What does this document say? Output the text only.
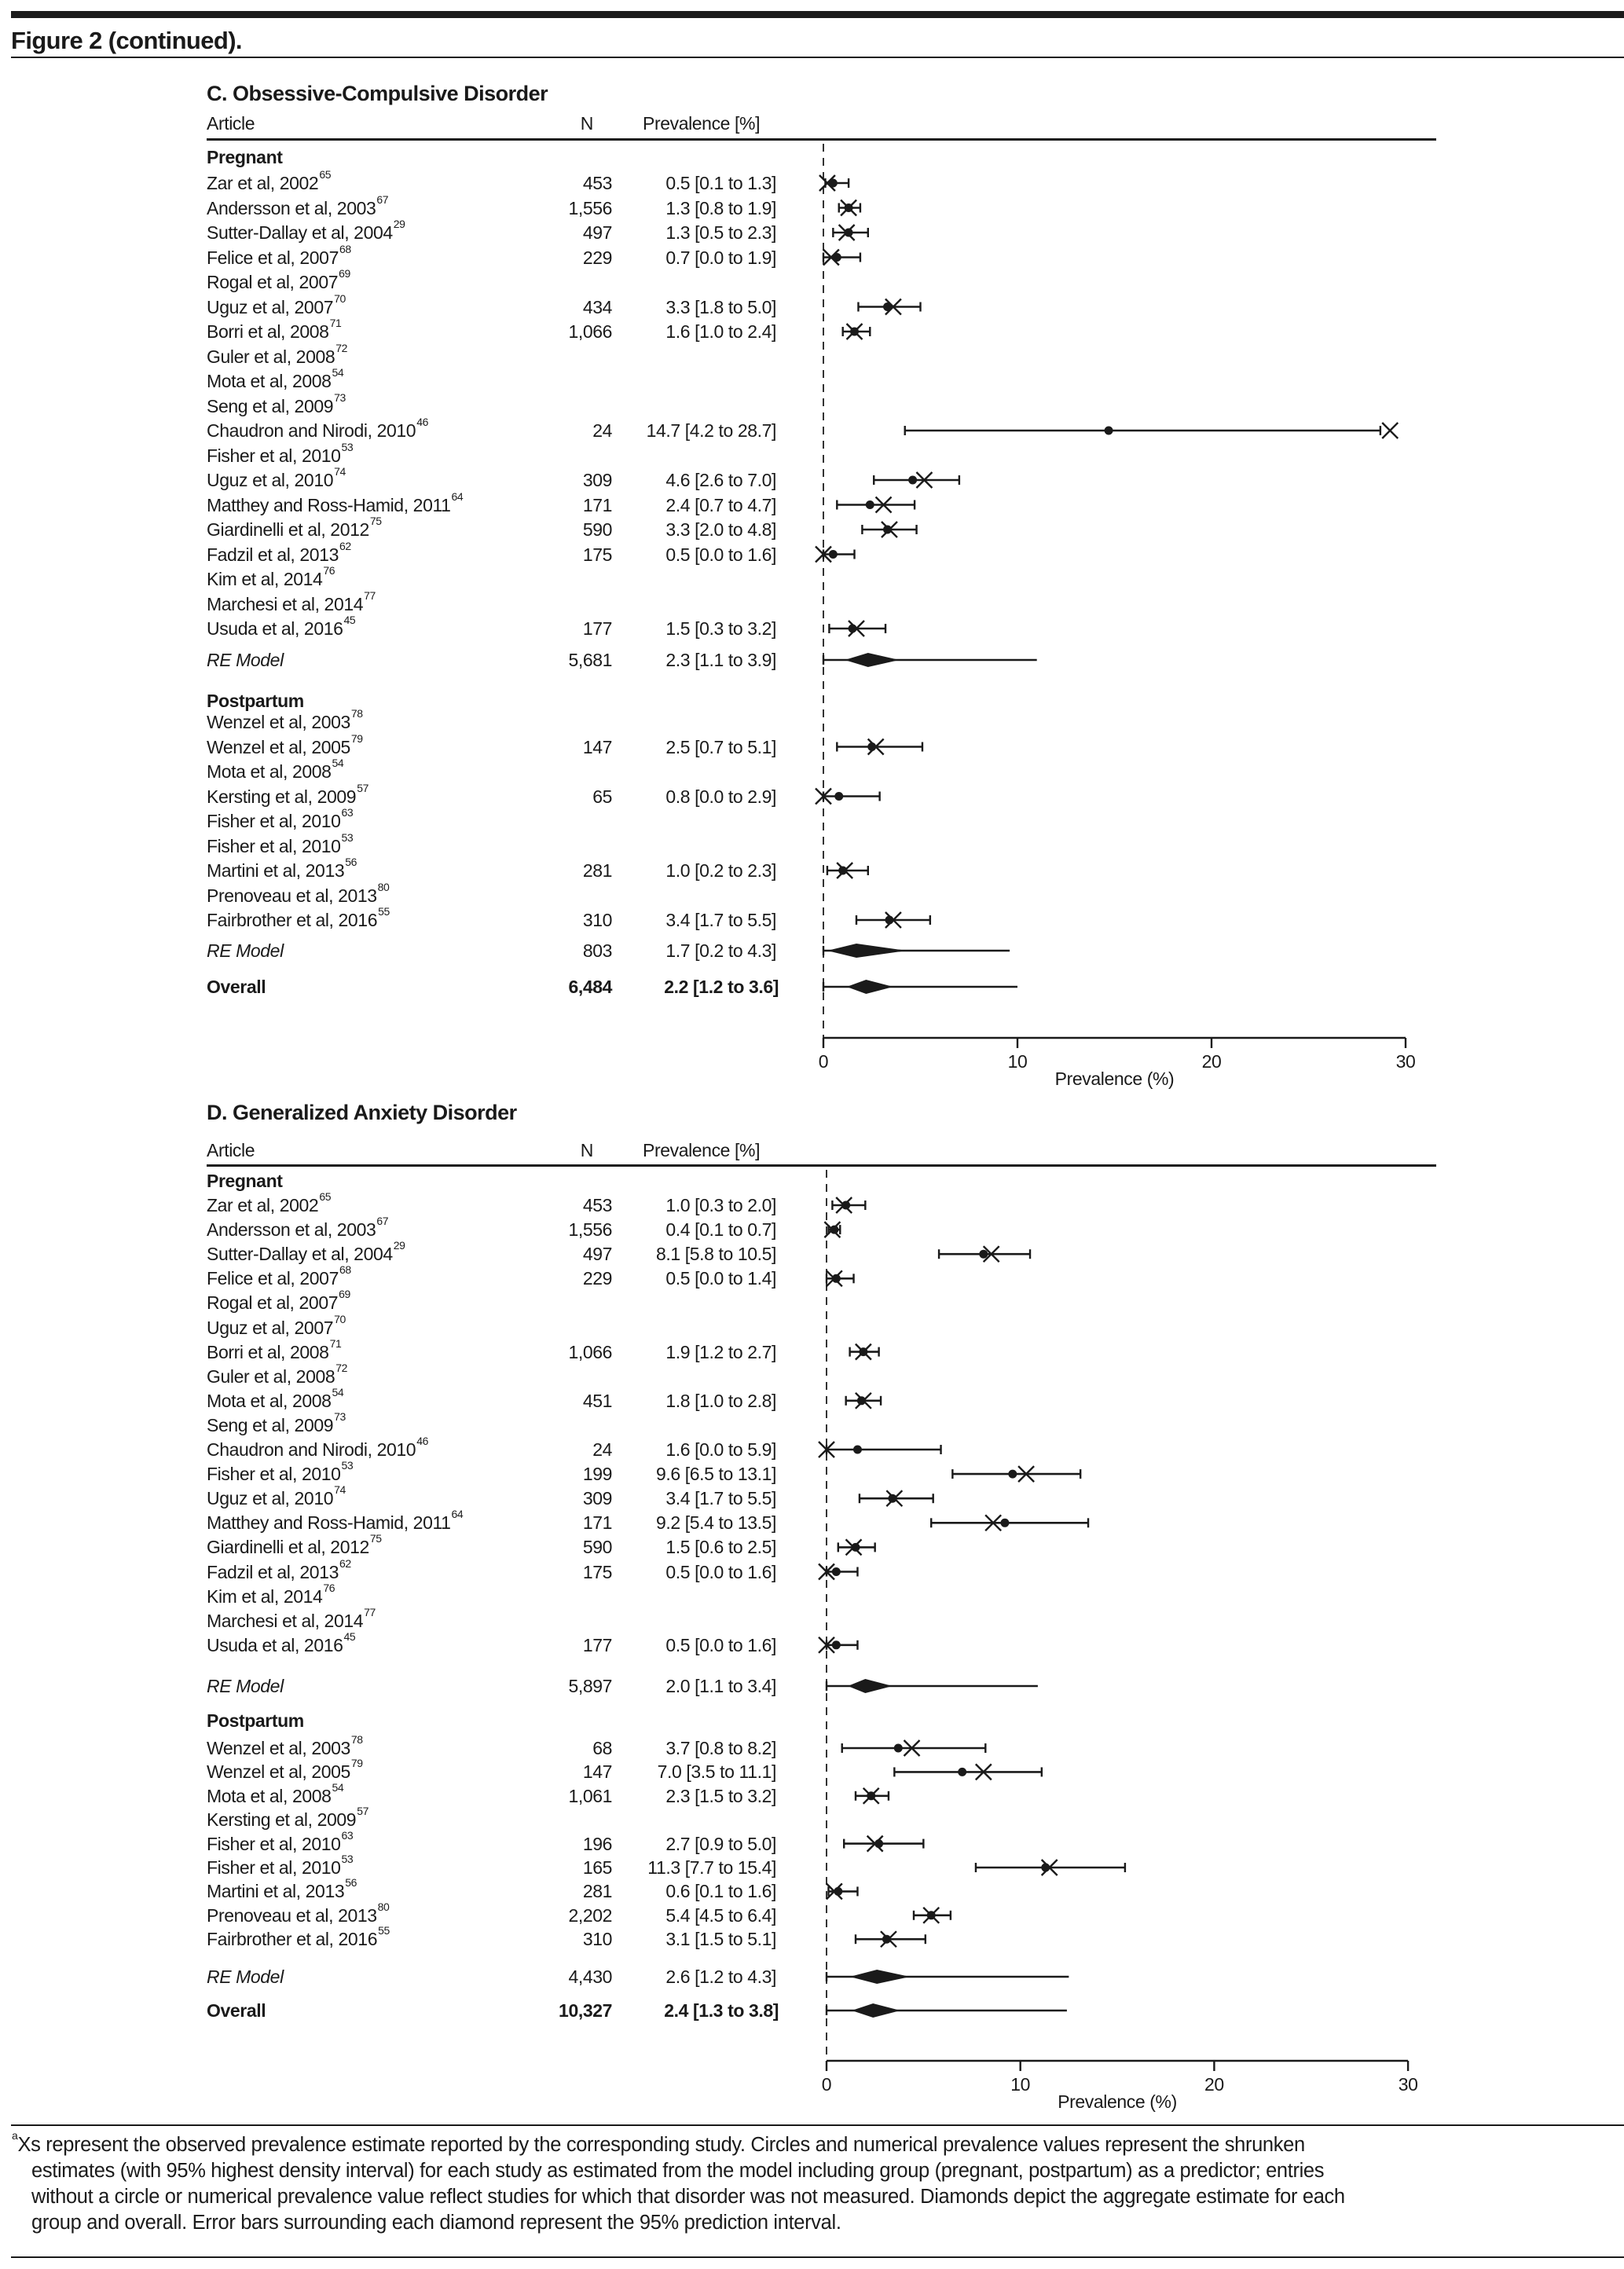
Figure 2 (continued).
C. Obsessive-Compulsive Disorder
Article	N	Prevalence [%]
Pregnant
Zar et al, 2002$^{65}$	453	0.5 [0.1 to 1.3]
Andersson et al, 2003$^{67}$	1,556	1.3 [0.8 to 1.9]
Sutter-Dallay et al, 2004$^{29}$	497	1.3 [0.5 to 2.3]
Felice et al, 2007$^{68}$	229	0.7 [0.0 to 1.9]
Rogal et al, 2007$^{69}$
Uguz et al, 2007$^{70}$	434	3.3 [1.8 to 5.0]
Borri et al, 2008$^{71}$	1,066	1.6 [1.0 to 2.4]
Guler et al, 2008$^{72}$
Mota et al, 2008$^{54}$
Seng et al, 2009$^{73}$
Chaudron and Nirodi, 2010$^{46}$	24	14.7 [4.2 to 28.7]
Fisher et al, 2010$^{53}$
Uguz et al, 2010$^{74}$	309	4.6 [2.6 to 7.0]
Matthey and Ross-Hamid, 2011$^{64}$	171	2.4 [0.7 to 4.7]
Giardinelli et al, 2012$^{75}$	590	3.3 [2.0 to 4.8]
Fadzil et al, 2013$^{62}$	175	0.5 [0.0 to 1.6]
Kim et al, 2014$^{76}$
Marchesi et al, 2014$^{77}$
Usuda et al, 2016$^{45}$	177	1.5 [0.3 to 3.2]
RE Model	5,681	2.3 [1.1 to 3.9]
Postpartum
Wenzel et al, 2003$^{78}$
Wenzel et al, 2005$^{79}$	147	2.5 [0.7 to 5.1]
Mota et al, 2008$^{54}$
Kersting et al, 2009$^{57}$	65	0.8 [0.0 to 2.9]
Fisher et al, 2010$^{63}$
Fisher et al, 2010$^{53}$
Martini et al, 2013$^{56}$	281	1.0 [0.2 to 2.3]
Prenoveau et al, 2013$^{80}$
Fairbrother et al, 2016$^{55}$	310	3.4 [1.7 to 5.5]
RE Model	803	1.7 [0.2 to 4.3]
Overall	6,484	2.2 [1.2 to 3.6]
0	10	20	30
Prevalence (%)
D. Generalized Anxiety Disorder
Article	N	Prevalence [%]
Pregnant
Zar et al, 2002$^{65}$	453	1.0 [0.3 to 2.0]
Andersson et al, 2003$^{67}$	1,556	0.4 [0.1 to 0.7]
Sutter-Dallay et al, 2004$^{29}$	497	8.1 [5.8 to 10.5]
Felice et al, 2007$^{68}$	229	0.5 [0.0 to 1.4]
Rogal et al, 2007$^{69}$
Uguz et al, 2007$^{70}$
Borri et al, 2008$^{71}$	1,066	1.9 [1.2 to 2.7]
Guler et al, 2008$^{72}$
Mota et al, 2008$^{54}$	451	1.8 [1.0 to 2.8]
Seng et al, 2009$^{73}$
Chaudron and Nirodi, 2010$^{46}$	24	1.6 [0.0 to 5.9]
Fisher et al, 2010$^{53}$	199	9.6 [6.5 to 13.1]
Uguz et al, 2010$^{74}$	309	3.4 [1.7 to 5.5]
Matthey and Ross-Hamid, 2011$^{64}$	171	9.2 [5.4 to 13.5]
Giardinelli et al, 2012$^{75}$	590	1.5 [0.6 to 2.5]
Fadzil et al, 2013$^{62}$	175	0.5 [0.0 to 1.6]
Kim et al, 2014$^{76}$
Marchesi et al, 2014$^{77}$
Usuda et al, 2016$^{45}$	177	0.5 [0.0 to 1.6]
RE Model	5,897	2.0 [1.1 to 3.4]
Postpartum
Wenzel et al, 2003$^{78}$	68	3.7 [0.8 to 8.2]
Wenzel et al, 2005$^{79}$	147	7.0 [3.5 to 11.1]
Mota et al, 2008$^{54}$	1,061	2.3 [1.5 to 3.2]
Kersting et al, 2009$^{57}$
Fisher et al, 2010$^{63}$	196	2.7 [0.9 to 5.0]
Fisher et al, 2010$^{53}$	165	11.3 [7.7 to 15.4]
Martini et al, 2013$^{56}$	281	0.6 [0.1 to 1.6]
Prenoveau et al, 2013$^{80}$	2,202	5.4 [4.5 to 6.4]
Fairbrother et al, 2016$^{55}$	310	3.1 [1.5 to 5.1]
RE Model	4,430	2.6 [1.2 to 4.3]
Overall	10,327	2.4 [1.3 to 3.8]
0	10	20	30
Prevalence (%)
$^a$Xs represent the observed prevalence estimate reported by the corresponding study. Circles and numerical prevalence values represent the shrunken
estimates (with 95% highest density interval) for each study as estimated from the model including group (pregnant, postpartum) as a predictor; entries
without a circle or numerical prevalence value reflect studies for which that disorder was not measured. Diamonds depict the aggregate estimate for each
group and overall. Error bars surrounding each diamond represent the 95% prediction interval.
